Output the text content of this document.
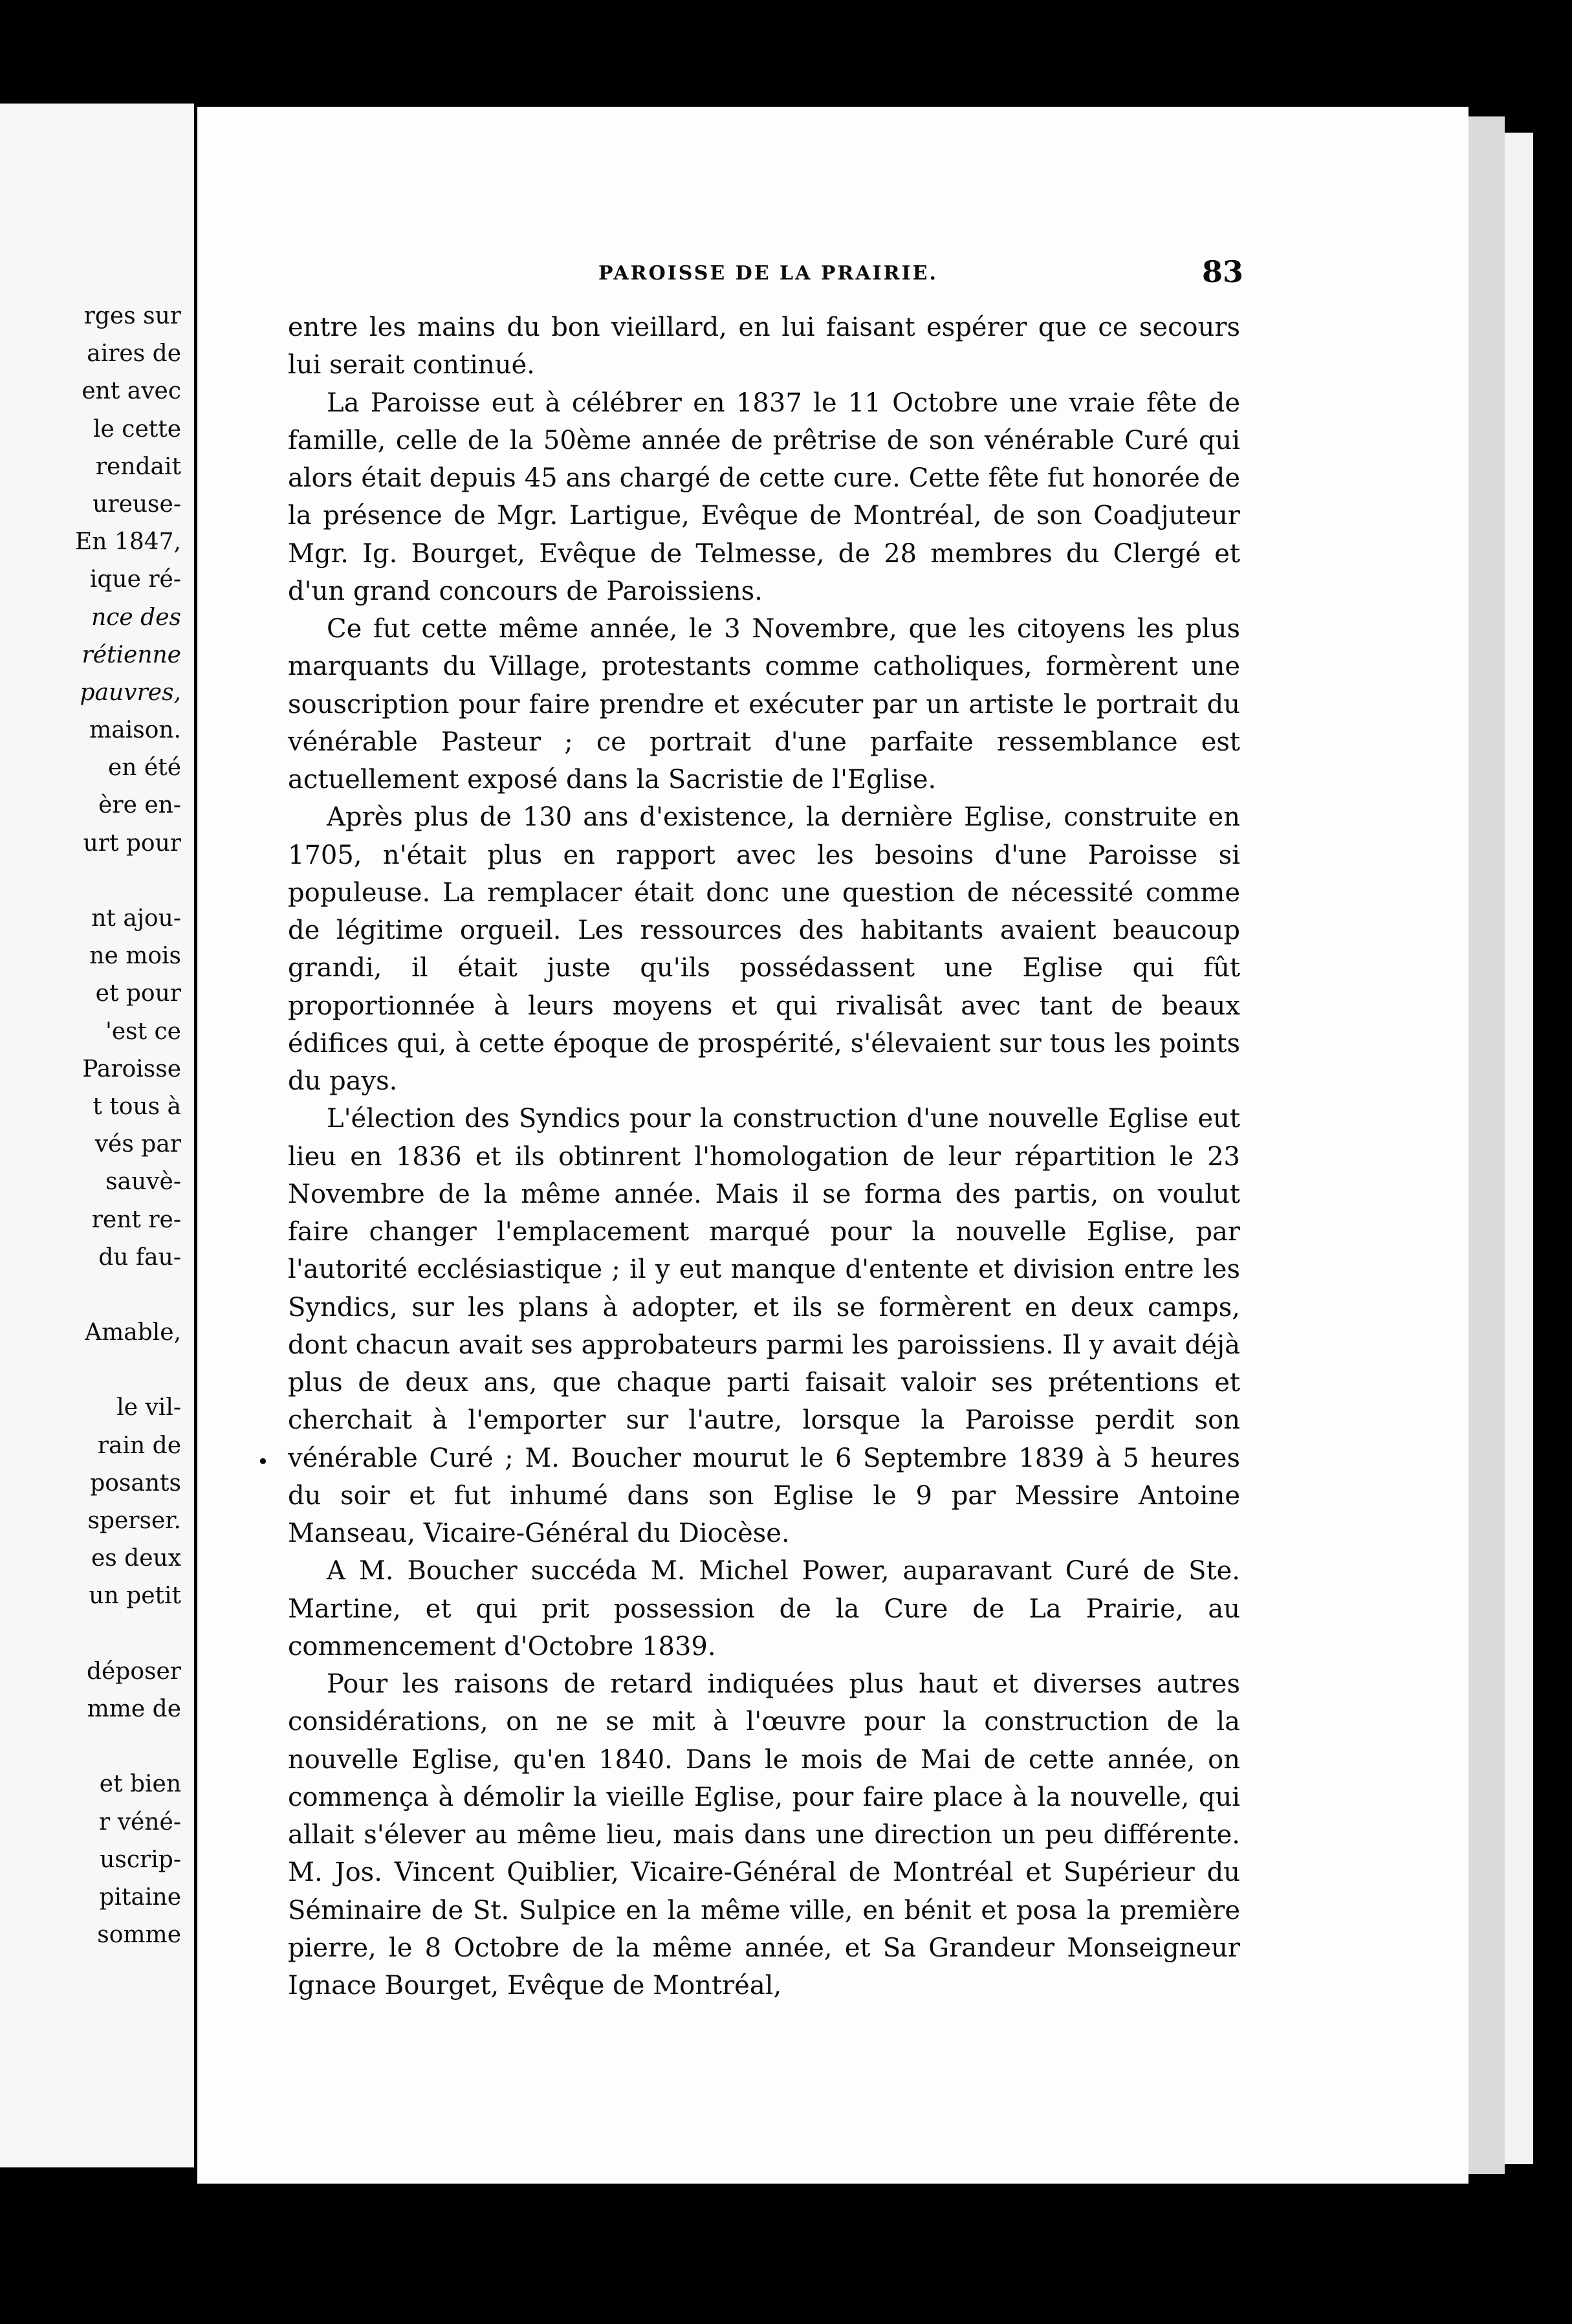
rges sur
aires de
ent avec
le cette
rendait
ureuse-
En 1847,
ique ré-
nce des
rétienne
pauvres,
maison.
en été
ère en-
urt pour
nt ajou-
ne mois
et pour
'est ce
Paroisse
t tous à
vés par
sauvè-
rent re-
du fau-
Amable,
le vil-
rain de
posants
sperser.
es deux
un petit
déposer
mme de
et bien
r véné-
uscrip-
pitaine
somme
PAROISSE DE LA PRAIRIE.	83
•

entre les mains du bon vieillard, en lui faisant espérer que ce secours lui serait continué.

La Paroisse eut à célébrer en 1837 le 11 Octobre une vraie fête de famille, celle de la 50ème année de prêtrise de son vénérable Curé qui alors était depuis 45 ans chargé de cette cure. Cette fête fut honorée de la présence de Mgr. Lartigue, Evêque de Montréal, de son Coadjuteur Mgr. Ig. Bourget, Evêque de Telmesse, de 28 membres du Clergé et d'un grand concours de Paroissiens.

Ce fut cette même année, le 3 Novembre, que les citoyens les plus marquants du Village, protestants comme catholiques, formèrent une souscription pour faire prendre et exécuter par un artiste le portrait du vénérable Pasteur ; ce portrait d'une parfaite ressemblance est actuellement exposé dans la Sacristie de l'Eglise.

Après plus de 130 ans d'existence, la dernière Eglise, construite en 1705, n'était plus en rapport avec les besoins d'une Paroisse si populeuse. La remplacer était donc une question de nécessité comme de légitime orgueil. Les ressources des habitants avaient beaucoup grandi, il était juste qu'ils possédassent une Eglise qui fût proportionnée à leurs moyens et qui rivalisât avec tant de beaux édifices qui, à cette époque de prospérité, s'élevaient sur tous les points du pays.

L'élection des Syndics pour la construction d'une nouvelle Eglise eut lieu en 1836 et ils obtinrent l'homologation de leur répartition le 23 Novembre de la même année. Mais il se forma des partis, on voulut faire changer l'emplacement marqué pour la nouvelle Eglise, par l'autorité ecclésiastique ; il y eut manque d'entente et division entre les Syndics, sur les plans à adopter, et ils se formèrent en deux camps, dont chacun avait ses approbateurs parmi les paroissiens. Il y avait déjà plus de deux ans, que chaque parti faisait valoir ses prétentions et cherchait à l'emporter sur l'autre, lorsque la Paroisse perdit son vénérable Curé ; M. Boucher mourut le 6 Septembre 1839 à 5 heures du soir et fut inhumé dans son Eglise le 9 par Messire Antoine Manseau, Vicaire-Général du Diocèse.

A M. Boucher succéda M. Michel Power, auparavant Curé de Ste. Martine, et qui prit possession de la Cure de La Prairie, au commencement d'Octobre 1839.

Pour les raisons de retard indiquées plus haut et diverses autres considérations, on ne se mit à l'œuvre pour la construction de la nouvelle Eglise, qu'en 1840. Dans le mois de Mai de cette année, on commença à démolir la vieille Eglise, pour faire place à la nouvelle, qui allait s'élever au même lieu, mais dans une direction un peu différente. M. Jos. Vincent Quiblier, Vicaire-Général de Montréal et Supérieur du Séminaire de St. Sulpice en la même ville, en bénit et posa la première pierre, le 8 Octobre de la même année, et Sa Grandeur Monseigneur Ignace Bourget, Evêque de Montréal,
